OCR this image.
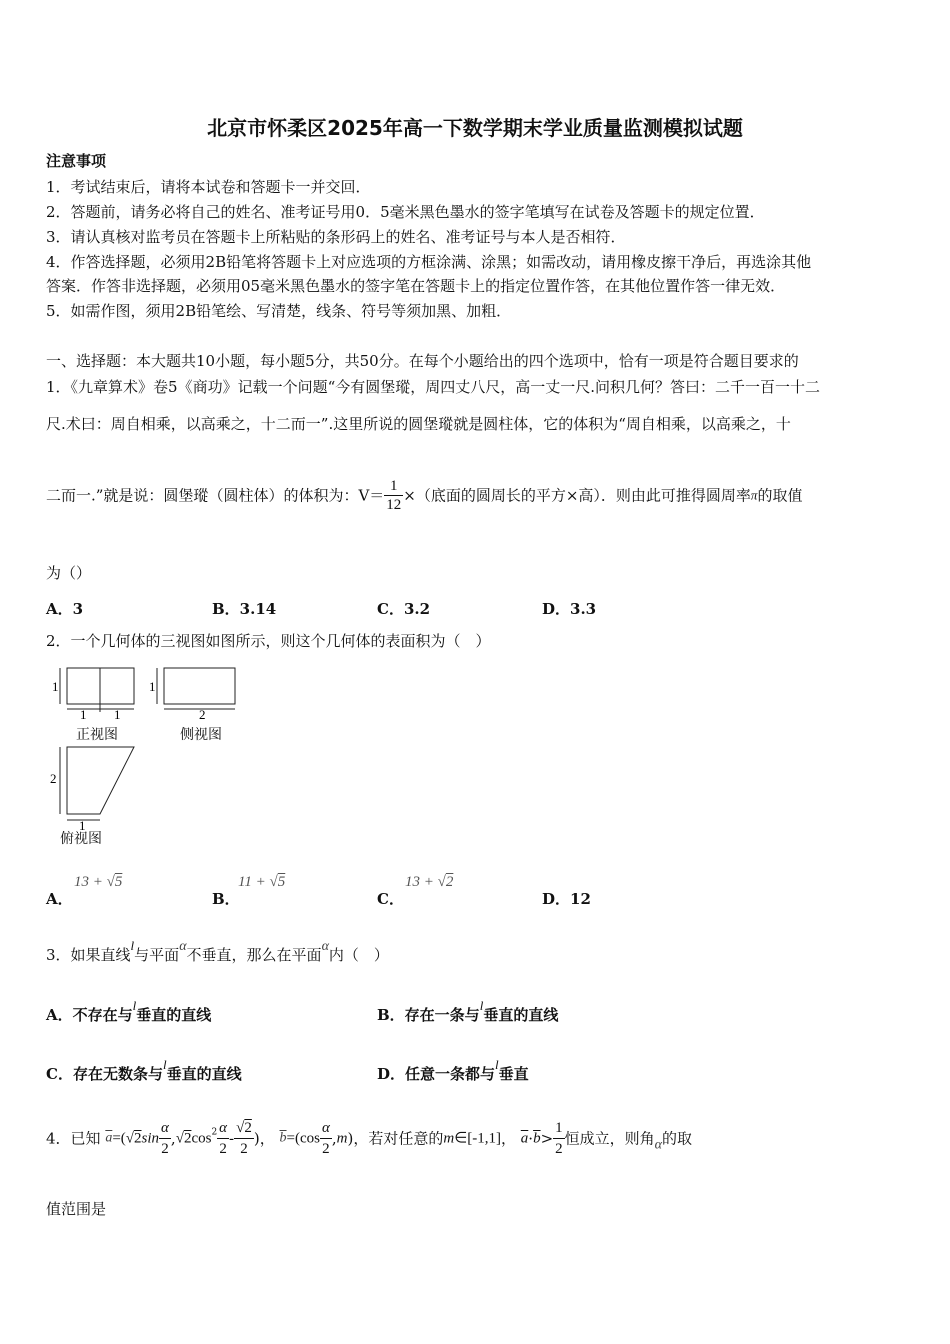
北京市怀柔区2025年高一下数学期末学业质量监测模拟试题
注意事项
1．考试结束后，请将本试卷和答题卡一并交回．
2．答题前，请务必将自己的姓名、准考证号用0．5毫米黑色墨水的签字笔填写在试卷及答题卡的规定位置．
3．请认真核对监考员在答题卡上所粘贴的条形码上的姓名、准考证号与本人是否相符．
4．作答选择题，必须用2B铅笔将答题卡上对应选项的方框涂满、涂黑；如需改动，请用橡皮擦干净后，再选涂其他
答案．作答非选择题，必须用05毫米黑色墨水的签字笔在答题卡上的指定位置作答，在其他位置作答一律无效．
5．如需作图，须用2B铅笔绘、写清楚，线条、符号等须加黑、加粗．
一、选择题：本大题共10小题，每小题5分，共50分。在每个小题给出的四个选项中，恰有一项是符合题目要求的
1．《九章算术》卷5《商功》记载一个问题“今有圆堡瑽，周四丈八尺，高一丈一尺.问积几何？答曰：二千一百一十二
尺.术曰：周自相乘，以高乘之，十二而一”.这里所说的圆堡瑽就是圆柱体，它的体积为“周自相乘，以高乘之，十
二而一.”就是说：圆堡瑽（圆柱体）的体积为：$V= \frac{1}{12}$ ×（底面的圆周长的平方×高）．则由此可推得圆周率π的取值
为（）
A．3	B．3.14	C．3.2	D．3.3
2．一个几何体的三视图如图所示，则这个几何体的表面积为（　）
1
1 1
1
2
2
1
正视图	侧视图
俯视图
A．
13 + √5
B．
11 + √5
C．
13 + √2
D．12
3．如果直线l与平面α不垂直，那么在平面α内（　）
A．不存在与l垂直的直线	B．存在一条与l垂直的直线
C．存在无数条与l垂直的直线	D．任意一条都与l垂直
4．已知 $\overline{a}=(√2\sin \frac{\alpha}{2} ,√2\cos^2 \frac{\alpha}{2} - \frac{√2}{2}$ )， $\overline{b}=(\cos \frac{\alpha}{2} ,m)$，若对任意的m∈[-1,1]， $\overline{a}\cdot\overline{b}> \frac{1}{2}$ 恒成立，则角α的取
值范围是
